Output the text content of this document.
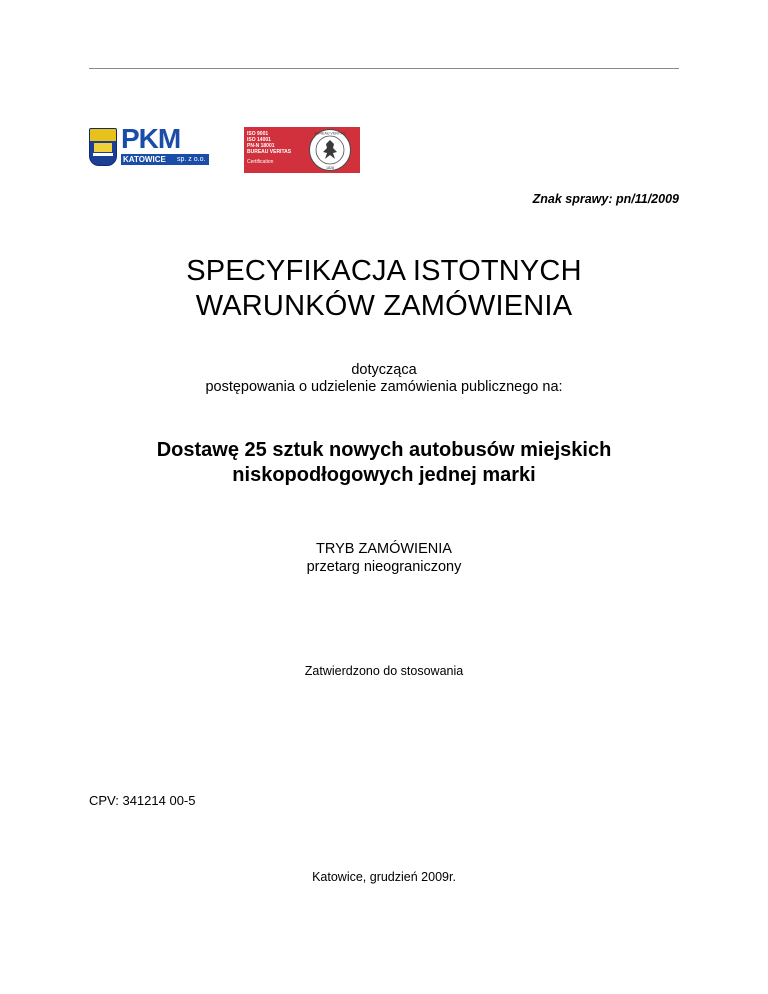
PKM
KATOWICE sp. z o.o.
ISO 9001
ISO 14001
PN-N 18001
BUREAU VERITAS
Certification
BUREAU VERITAS
1828
Znak sprawy: pn/11/2009
SPECYFIKACJA ISTOTNYCH
WARUNKÓW ZAMÓWIENIA
dotycząca
postępowania o udzielenie zamówienia publicznego na:
Dostawę 25 sztuk nowych autobusów miejskich
niskopodłogowych jednej marki
TRYB ZAMÓWIENIA
przetarg nieograniczony
Zatwierdzono do stosowania
CPV: 341214 00-5
Katowice, grudzień 2009r.
